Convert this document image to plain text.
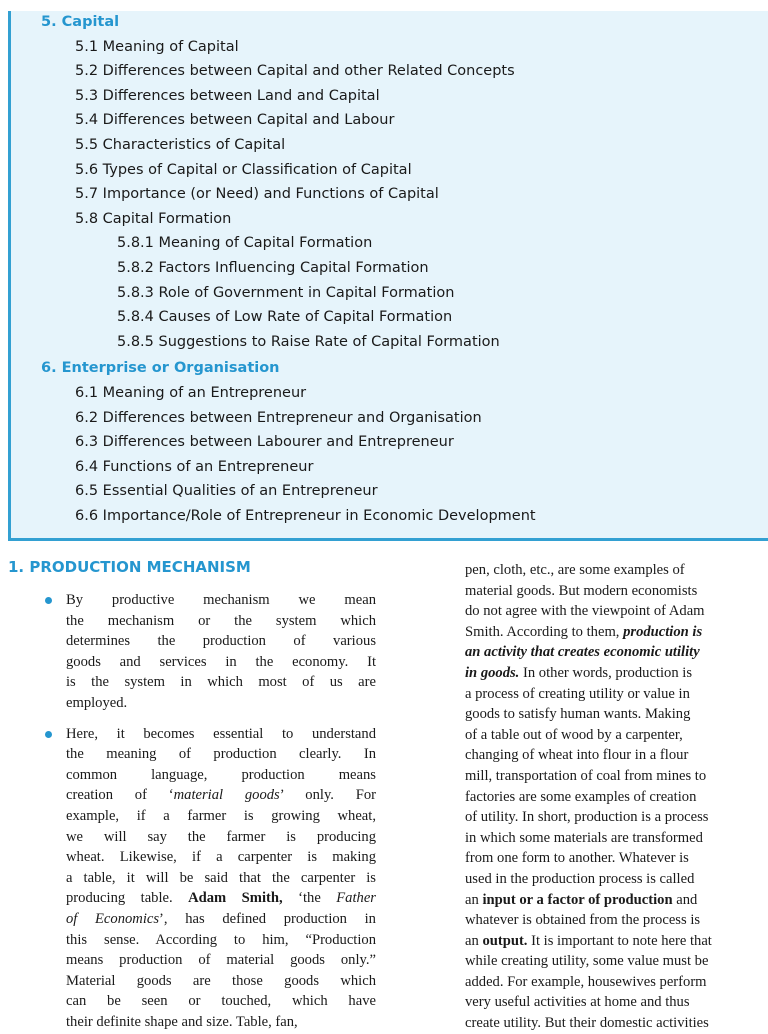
5. Capital
5.1 Meaning of Capital
5.2 Differences between Capital and other Related Concepts
5.3 Differences between Land and Capital
5.4 Differences between Capital and Labour
5.5 Characteristics of Capital
5.6 Types of Capital or Classification of Capital
5.7 Importance (or Need) and Functions of Capital
5.8 Capital Formation
5.8.1 Meaning of Capital Formation
5.8.2 Factors Influencing Capital Formation
5.8.3 Role of Government in Capital Formation
5.8.4 Causes of Low Rate of Capital Formation
5.8.5 Suggestions to Raise Rate of Capital Formation
6. Enterprise or Organisation
6.1 Meaning of an Entrepreneur
6.2 Differences between Entrepreneur and Organisation
6.3 Differences between Labourer and Entrepreneur
6.4 Functions of an Entrepreneur
6.5 Essential Qualities of an Entrepreneur
6.6 Importance/Role of Entrepreneur in Economic Development
1. PRODUCTION MECHANISM
By productive mechanism we mean
the mechanism or the system which
determines the production of various
goods and services in the economy. It
is the system in which most of us are
employed.
Here, it becomes essential to understand
the meaning of production clearly. In
common language, production means
creation of ‘material goods’ only. For
example, if a farmer is growing wheat,
we will say the farmer is producing
wheat. Likewise, if a carpenter is making
a table, it will be said that the carpenter is
producing table. Adam Smith, ‘the Father
of Economics’, has defined production in
this sense. According to him, “Production
means production of material goods only.”
Material goods are those goods which
can be seen or touched, which have
their definite shape and size. Table, fan,
pen, cloth, etc., are some examples of
material goods. But modern economists
do not agree with the viewpoint of Adam
Smith. According to them, production is
an activity that creates economic utility
in goods. In other words, production is
a process of creating utility or value in
goods to satisfy human wants. Making
of a table out of wood by a carpenter,
changing of wheat into flour in a flour
mill, transportation of coal from mines to
factories are some examples of creation
of utility. In short, production is a process
in which some materials are transformed
from one form to another. Whatever is
used in the production process is called
an input or a factor of production and
whatever is obtained from the process is
an output. It is important to note here that
while creating utility, some value must be
added. For example, housewives perform
very useful activities at home and thus
create utility. But their domestic activities
